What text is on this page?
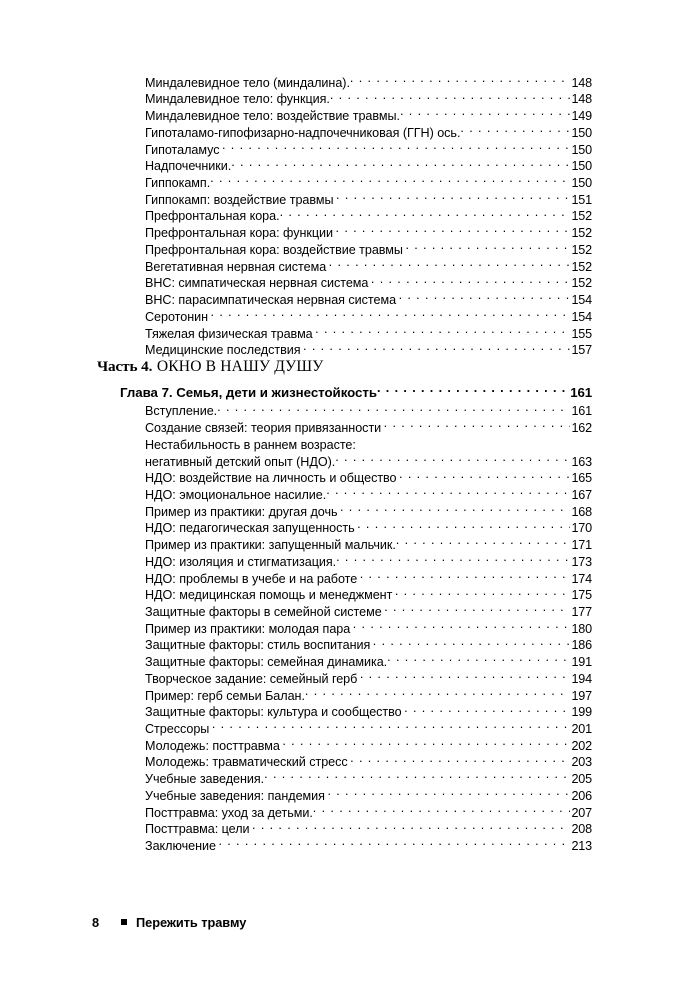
Миндалевидное тело (миндалина). . . .	148
Миндалевидное тело: функция. . . .	148
Миндалевидное тело: воздействие травмы. . . .	149
Гипоталамо-гипофизарно-надпочечниковая (ГГН) ось. . . .	150
Гипоталамус . . .	150
Надпочечники. . . .	150
Гиппокамп. . . .	150
Гиппокамп: воздействие травмы . . .	151
Префронтальная кора. . . .	152
Префронтальная кора: функции . . .	152
Префронтальная кора: воздействие травмы . . .	152
Вегетативная нервная система . . .	152
ВНС: симпатическая нервная система . . .	152
ВНС: парасимпатическая нервная система . . .	154
Серотонин . . .	154
Тяжелая физическая травма . . .	155
Медицинские последствия . . .	157
Часть 4. ОКНО В НАШУ ДУШУ
Глава 7. Семья, дети и жизнестойкость . . .	161
Вступление. . . .	161
Создание связей: теория привязанности . . .	162
Нестабильность в раннем возрасте:
негативный детский опыт (НДО). . . .	163
НДО: воздействие на личность и общество . . .	165
НДО: эмоциональное насилие. . . .	167
Пример из практики: другая дочь . . .	168
НДО: педагогическая запущенность . . .	170
Пример из практики: запущенный мальчик. . . .	171
НДО: изоляция и стигматизация. . . .	173
НДО: проблемы в учебе и на работе . . .	174
НДО: медицинская помощь и менеджмент . . .	175
Защитные факторы в семейной системе . . .	177
Пример из практики: молодая пара . . .	180
Защитные факторы: стиль воспитания . . .	186
Защитные факторы: семейная динамика. . . .	191
Творческое задание: семейный герб . . .	194
Пример: герб семьи Балан. . . .	197
Защитные факторы: культура и сообщество . . .	199
Стрессоры . . .	201
Молодежь: посттравма . . .	202
Молодежь: травматический стресс . . .	203
Учебные заведения. . . .	205
Учебные заведения: пандемия . . .	206
Посттравма: уход за детьми. . . .	207
Посттравма: цели . . .	208
Заключение . . .	213
8	Пережить травму
